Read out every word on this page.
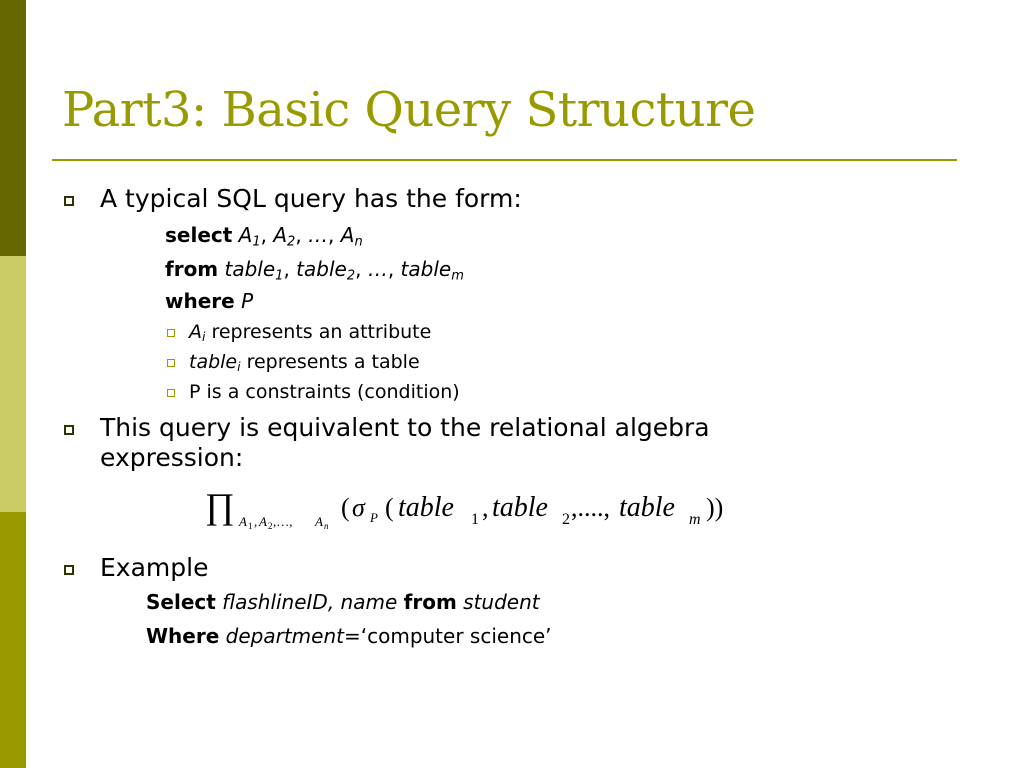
Part3: Basic Query Structure
A typical SQL query has the form:
select $A_1$, $A_2$, …, $A_n$
from table$_1$, table$_2$, …, table$_m$
where P
$A_i$ represents an attribute
table$_i$ represents a table
P is a constraints (condition)
This query is equivalent to the relational algebra
expression:
∏ A 1 , A 2 ,…, A n
( σ P ( table 1 , table 2 ,...., table m ))
Example
Select flashlineID, name from student
Where department=‘computer science’
